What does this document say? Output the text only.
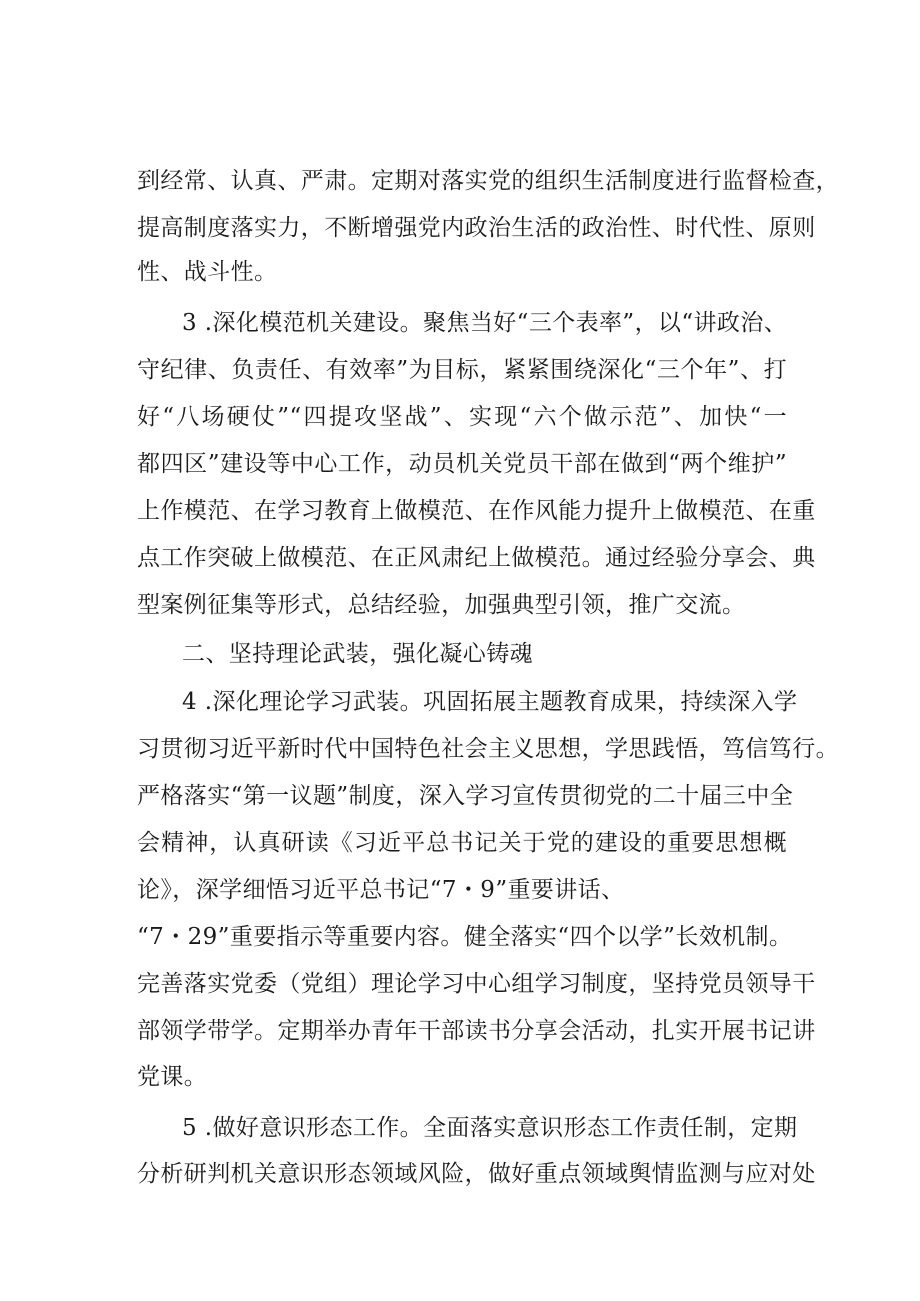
到经常、认真、严肃。定期对落实党的组织生活制度进行监督检查，
提高制度落实力，不断增强党内政治生活的政治性、时代性、原则
性、战斗性。
3 .深化模范机关建设。聚焦当好“三个表率”，以“讲政治、
守纪律、负责任、有效率”为目标，紧紧围绕深化“三个年”、打
好“八场硬仗”“四提攻坚战”、实现“六个做示范”、加快“一
都四区”建设等中心工作，动员机关党员干部在做到“两个维护”
上作模范、在学习教育上做模范、在作风能力提升上做模范、在重
点工作突破上做模范、在正风肃纪上做模范。通过经验分享会、典
型案例征集等形式，总结经验，加强典型引领，推广交流。
二、坚持理论武装，强化凝心铸魂
4 .深化理论学习武装。巩固拓展主题教育成果，持续深入学
习贯彻习近平新时代中国特色社会主义思想，学思践悟，笃信笃行。
严格落实“第一议题”制度，深入学习宣传贯彻党的二十届三中全
会精神，认真研读《习近平总书记关于党的建设的重要思想概
论》，深学细悟习近平总书记“7・9”重要讲话、
“7・29”重要指示等重要内容。健全落实“四个以学”长效机制。
完善落实党委（党组）理论学习中心组学习制度，坚持党员领导干
部领学带学。定期举办青年干部读书分享会活动，扎实开展书记讲
党课。
5 .做好意识形态工作。全面落实意识形态工作责任制，定期
分析研判机关意识形态领域风险，做好重点领域舆情监测与应对处
